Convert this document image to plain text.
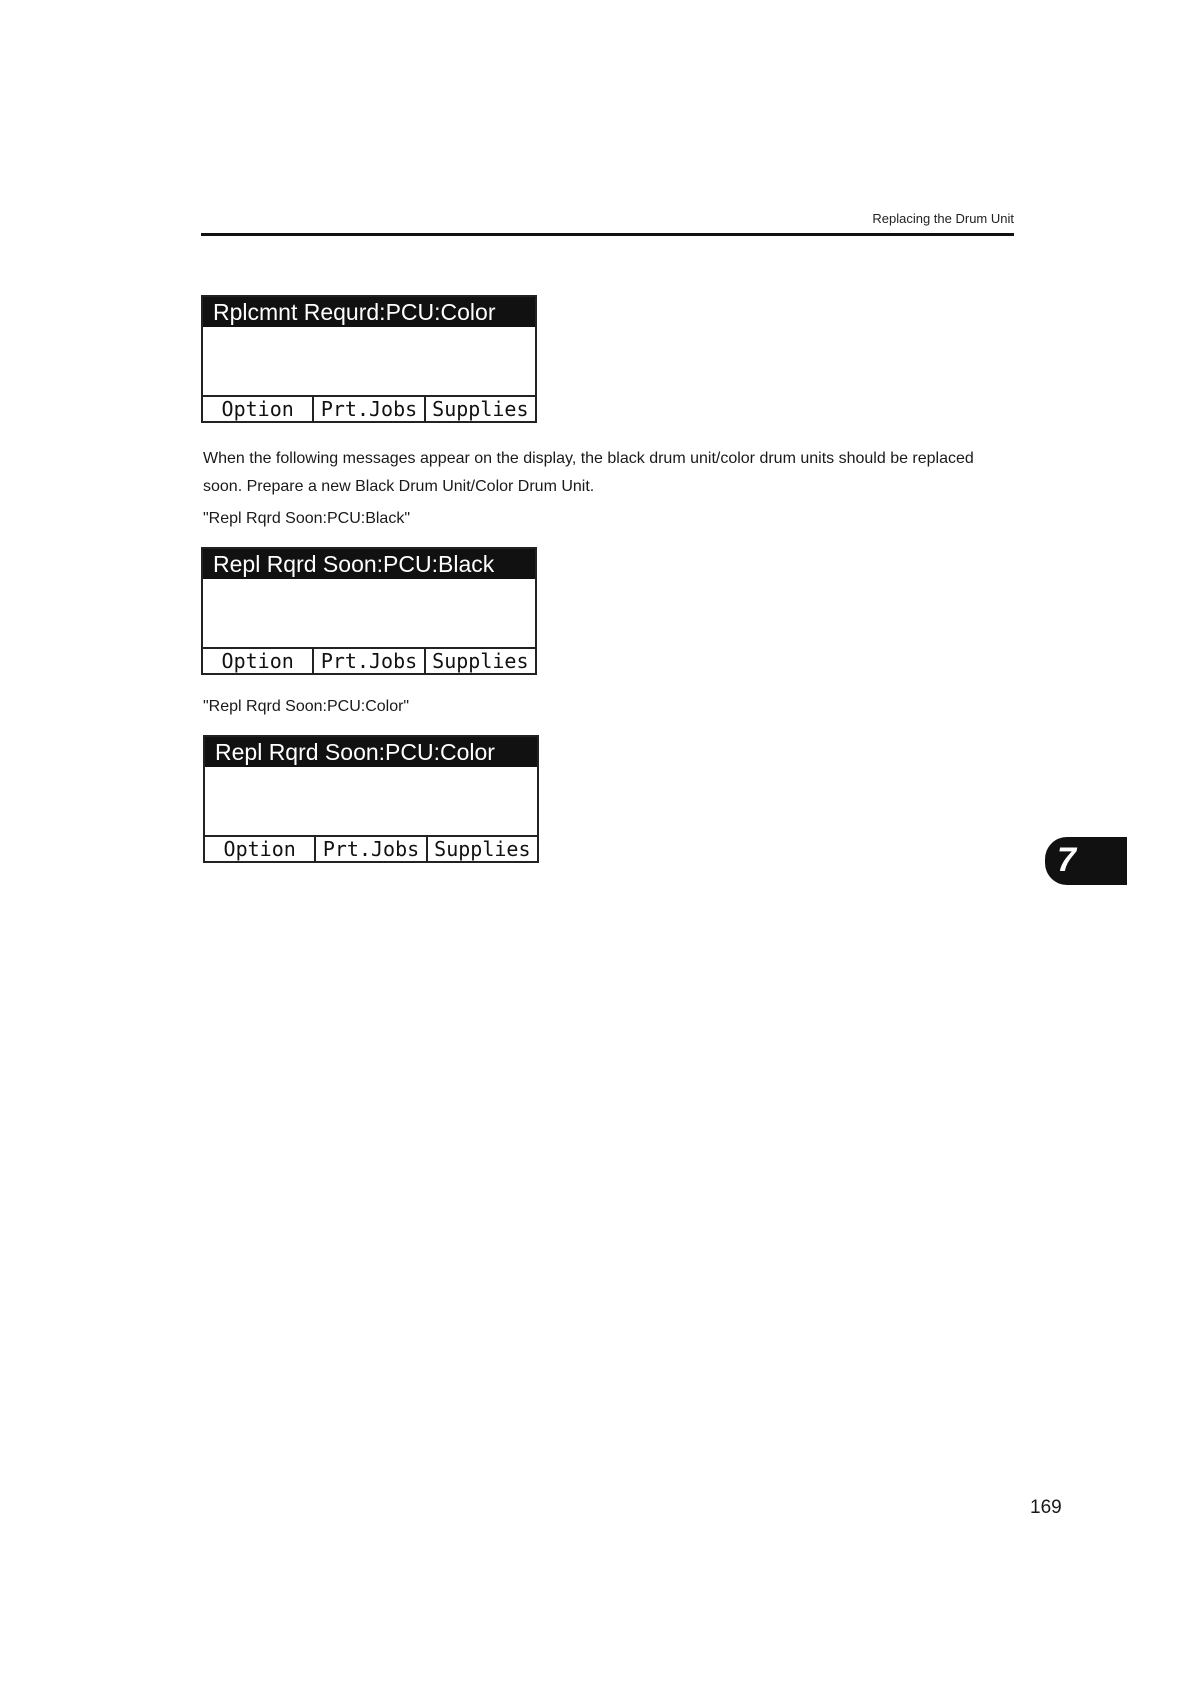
Replacing the Drum Unit
Rplcmnt Requrd:PCU:Color
Option	Prt.Jobs Supplies
When the following messages appear on the display, the black drum unit/color drum units should be replaced soon. Prepare a new Black Drum Unit/Color Drum Unit.
"Repl Rqrd Soon:PCU:Black"
Repl Rqrd Soon:PCU:Black
Option	Prt.Jobs Supplies
"Repl Rqrd Soon:PCU:Color"
Repl Rqrd Soon:PCU:Color
Option	Prt.Jobs Supplies	7
169
